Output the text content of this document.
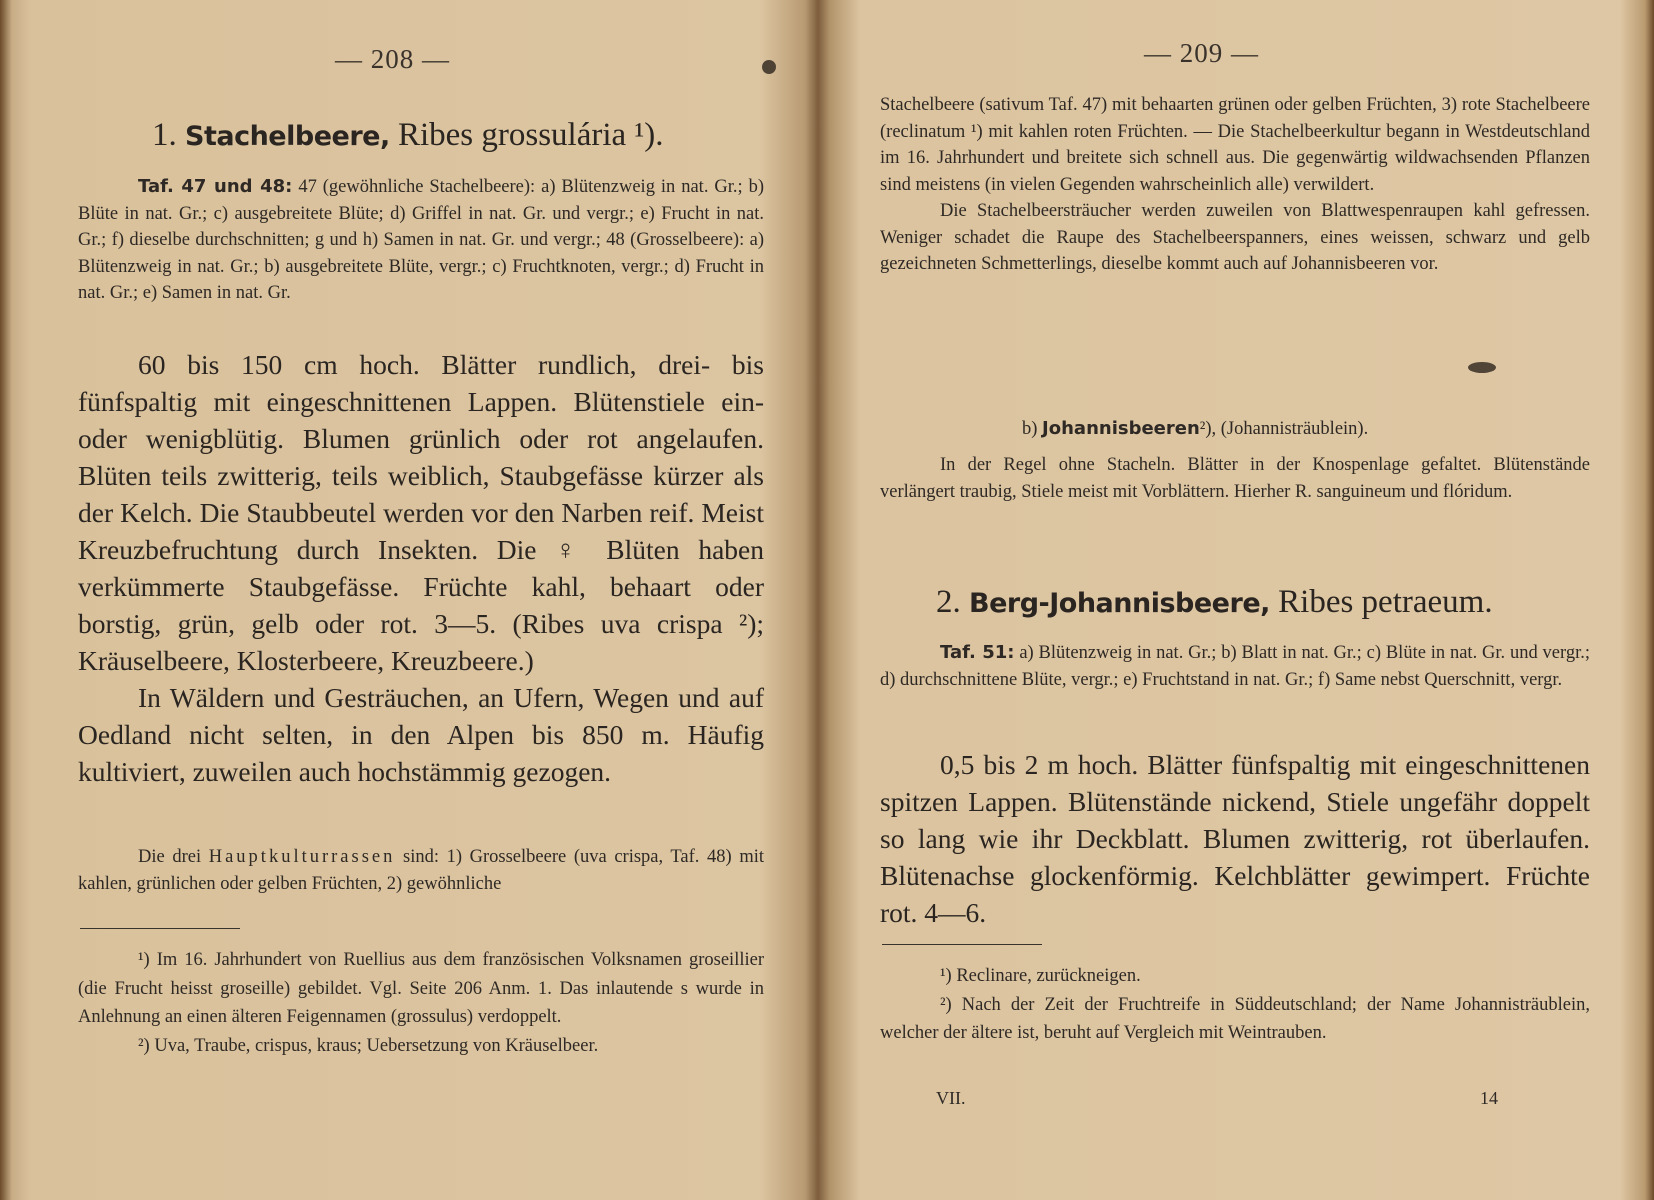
— 208 —
1. Stachelbeere, Ribes grossulária ¹).

Taf. 47 und 48: 47 (gewöhnliche Stachelbeere): a) Blütenzweig in nat. Gr.; b) Blüte in nat. Gr.; c) ausgebreitete Blüte; d) Griffel in nat. Gr. und vergr.; e) Frucht in nat. Gr.; f) dieselbe durchschnitten; g und h) Samen in nat. Gr. und vergr.; 48 (Grosselbeere): a) Blütenzweig in nat. Gr.; b) ausgebreitete Blüte, vergr.; c) Fruchtknoten, vergr.; d) Frucht in nat. Gr.; e) Samen in nat. Gr.

60 bis 150 cm hoch. Blätter rundlich, drei- bis fünfspaltig mit eingeschnittenen Lappen. Blütenstiele ein- oder wenigblütig. Blumen grünlich oder rot angelaufen. Blüten teils zwitterig, teils weiblich, Staubgefässe kürzer als der Kelch. Die Staubbeutel werden vor den Narben reif. Meist Kreuzbefruchtung durch Insekten. Die ♀ Blüten haben verkümmerte Staubgefässe. Früchte kahl, behaart oder borstig, grün, gelb oder rot. 3—5. (Ribes uva crispa ²); Kräuselbeere, Klosterbeere, Kreuzbeere.)

In Wäldern und Gesträuchen, an Ufern, Wegen und auf Oedland nicht selten, in den Alpen bis 850 m. Häufig kultiviert, zuweilen auch hochstämmig gezogen.

Die drei Hauptkulturrassen sind: 1) Grosselbeere (uva crispa, Taf. 48) mit kahlen, grünlichen oder gelben Früchten, 2) gewöhnliche

¹) Im 16. Jahrhundert von Ruellius aus dem französischen Volksnamen groseillier (die Frucht heisst groseille) gebildet. Vgl. Seite 206 Anm. 1. Das inlautende s wurde in Anlehnung an einen älteren Feigennamen (grossulus) verdoppelt.

²) Uva, Traube, crispus, kraus; Uebersetzung von Kräuselbeer.

— 209 —

Stachelbeere (sativum Taf. 47) mit behaarten grünen oder gelben Früchten, 3) rote Stachelbeere (reclinatum ¹) mit kahlen roten Früchten. — Die Stachelbeerkultur begann in Westdeutschland im 16. Jahrhundert und breitete sich schnell aus. Die gegenwärtig wildwachsenden Pflanzen sind meistens (in vielen Gegenden wahrscheinlich alle) verwildert.

Die Stachelbeersträucher werden zuweilen von Blattwespenraupen kahl gefressen. Weniger schadet die Raupe des Stachelbeerspanners, eines weissen, schwarz und gelb gezeichneten Schmetterlings, dieselbe kommt auch auf Johannisbeeren vor.

b) Johannisbeeren²), (Johannisträublein).

In der Regel ohne Stacheln. Blätter in der Knospenlage gefaltet. Blütenstände verlängert traubig, Stiele meist mit Vorblättern. Hierher R. sanguineum und flóridum.

2. Berg-Johannisbeere, Ribes petraeum.

Taf. 51: a) Blütenzweig in nat. Gr.; b) Blatt in nat. Gr.; c) Blüte in nat. Gr. und vergr.; d) durchschnittene Blüte, vergr.; e) Fruchtstand in nat. Gr.; f) Same nebst Querschnitt, vergr.

0,5 bis 2 m hoch. Blätter fünfspaltig mit eingeschnittenen spitzen Lappen. Blütenstände nickend, Stiele ungefähr doppelt so lang wie ihr Deckblatt. Blumen zwitterig, rot überlaufen. Blütenachse glockenförmig. Kelchblätter gewimpert. Früchte rot. 4—6.

¹) Reclinare, zurückneigen.

²) Nach der Zeit der Fruchtreife in Süddeutschland; der Name Johannisträublein, welcher der ältere ist, beruht auf Vergleich mit Weintrauben.

VII.	14
